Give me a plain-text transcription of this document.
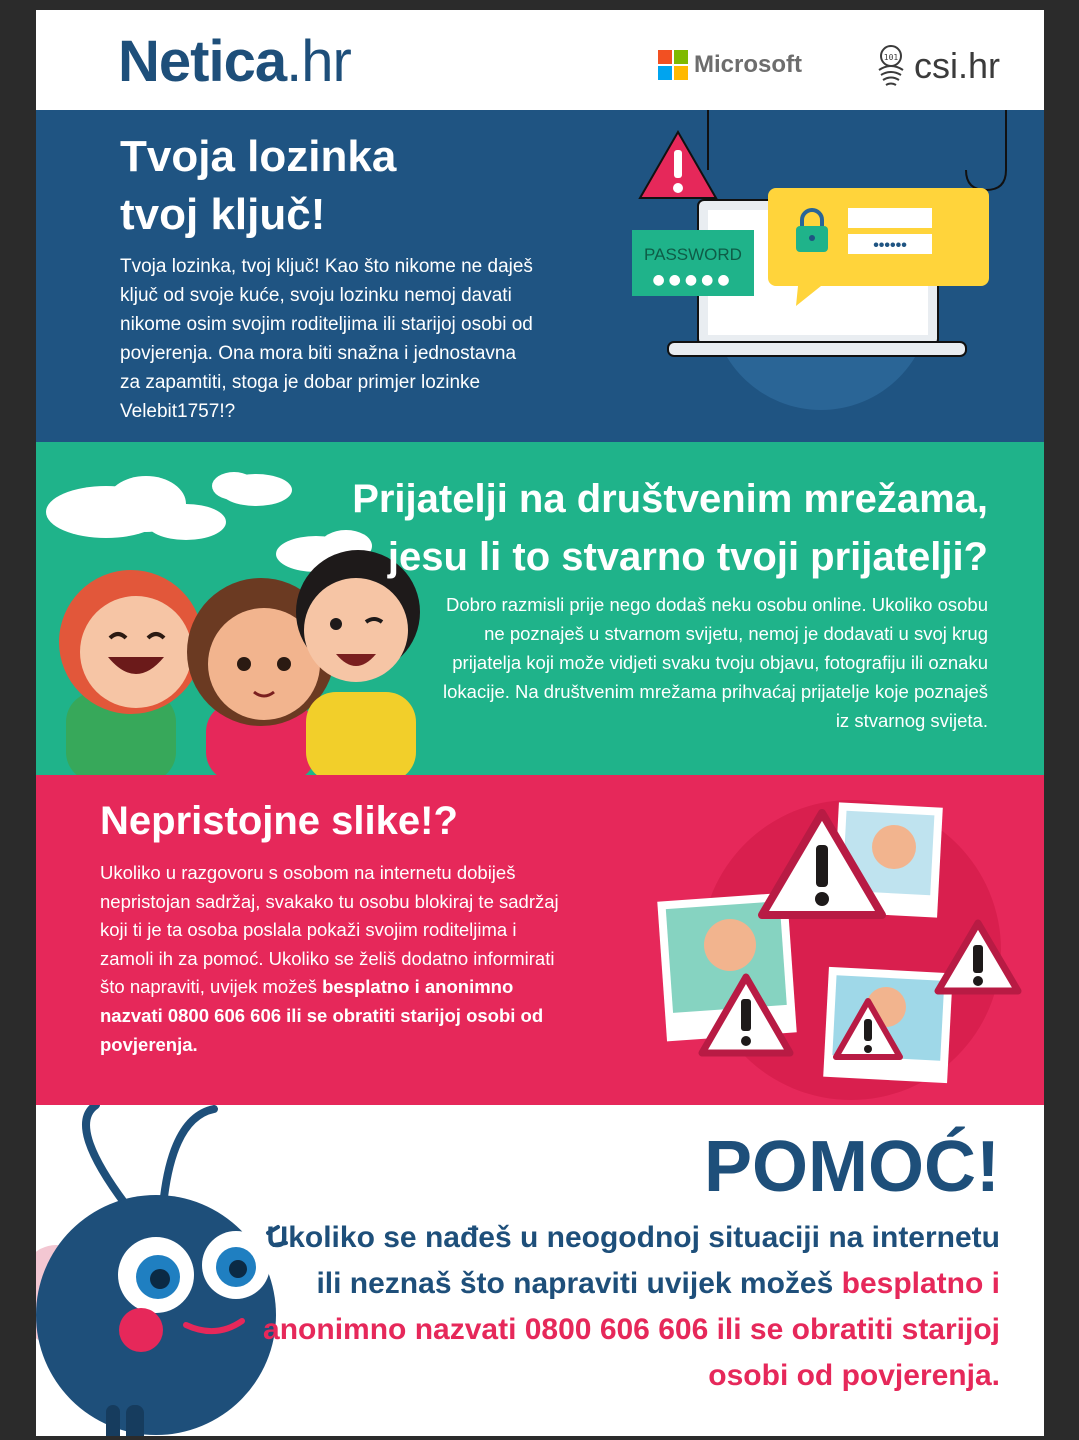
Netica.hr	Microsoft	101 csi.hr
Tvoja lozinka
tvoj ključ!

Tvoja lozinka, tvoj ključ! Kao što nikome ne daješ ključ od svoje kuće, svoju lozinku nemoj davati nikome osim svojim roditeljima ili starijoj osobi od povjerenja. Ona mora biti snažna i jednostavna za zapamtiti, stoga je dobar primjer lozinke Velebit1757!?

••••••
PASSWORD
●●●●●
Prijatelji na društvenim mrežama,
jesu li to stvarno tvoji prijatelji?

Dobro razmisli prije nego dodaš neku osobu online. Ukoliko osobu ne poznaješ u stvarnom svijetu, nemoj je dodavati u svoj krug prijatelja koji može vidjeti svaku tvoju objavu, fotografiju ili oznaku lokacije. Na društvenim mrežama prihvaćaj prijatelje koje poznaješ iz stvarnog svijeta.

Nepristojne slike!?

Ukoliko u razgovoru s osobom na internetu dobiješ nepristojan sadržaj, svakako tu osobu blokiraj te sadržaj koji ti je ta osoba poslala pokaži svojim roditeljima i zamoli ih za pomoć. Ukoliko se želiš dodatno informirati što napraviti, uvijek možeš besplatno i anonimno nazvati 0800 606 606 ili se obratiti starijoj osobi od povjerenja.

POMOĆ!

Ukoliko se nađeš u neogodnoj situaciji na internetu ili neznaš što napraviti uvijek možeš besplatno i anonimno nazvati 0800 606 606 ili se obratiti starijoj osobi od povjerenja.
